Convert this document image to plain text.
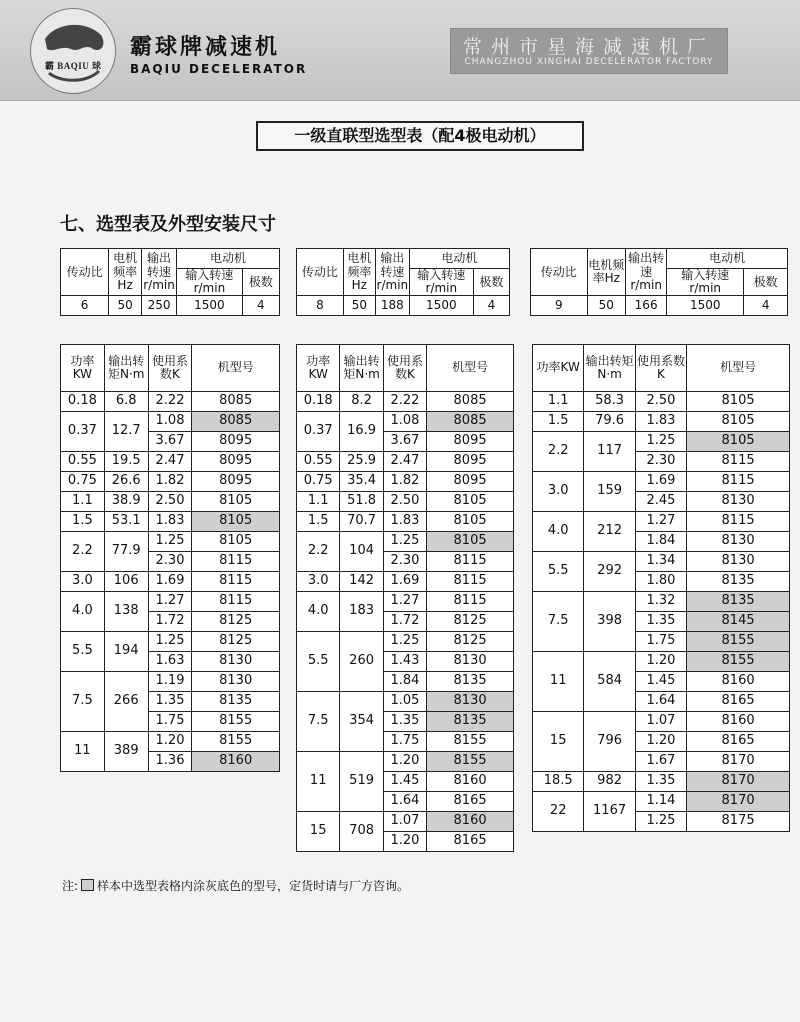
霸 BAQIU 球
霸球牌减速机
BAQIU DECELERATOR
常州市星海减速机厂
CHANGZHOU XINGHAI DECELERATOR FACTORY
一级直联型选型表（配4极电动机）
七、选型表及外型安装尺寸
传动比	电机频率Hz	输出转速r/min	电动机	
			输入转速r/min	极数
6	50	250	1500	4
传动比	电机频率Hz	输出转速r/min	电动机	
			输入转速r/min	极数
8	50	188	1500	4
传动比	电机频率Hz	输出转速r/min	电动机	
			输入转速r/min	极数
9	50	166	1500	4
功率KW	输出转矩N·m	使用系数K	机型号
0.18	6.8	2.22	8085
0.37	12.7	1.08	8085
		3.67	8095
0.55	19.5	2.47	8095
0.75	26.6	1.82	8095
1.1	38.9	2.50	8105
1.5	53.1	1.83	8105
2.2	77.9	1.25	8105
		2.30	8115
3.0	106	1.69	8115
4.0	138	1.27	8115
		1.72	8125
5.5	194	1.25	8125
		1.63	8130
7.5	266	1.19	8130
		1.35	8135
		1.75	8155
11	389	1.20	8155
		1.36	8160
功率KW	输出转矩N·m	使用系数K	机型号
0.18	8.2	2.22	8085
0.37	16.9	1.08	8085
		3.67	8095
0.55	25.9	2.47	8095
0.75	35.4	1.82	8095
1.1	51.8	2.50	8105
1.5	70.7	1.83	8105
2.2	104	1.25	8105
		2.30	8115
3.0	142	1.69	8115
4.0	183	1.27	8115
		1.72	8125
5.5	260	1.25	8125
		1.43	8130
		1.84	8135
7.5	354	1.05	8130
		1.35	8135
		1.75	8155
11	519	1.20	8155
		1.45	8160
		1.64	8165
15	708	1.07	8160
		1.20	8165
功率KW	输出转矩N·m	使用系数K	机型号
1.1	58.3	2.50	8105
1.5	79.6	1.83	8105
2.2	117	1.25	8105
		2.30	8115
3.0	159	1.69	8115
		2.45	8130
4.0	212	1.27	8115
		1.84	8130
5.5	292	1.34	8130
		1.80	8135
7.5	398	1.32	8135
		1.35	8145
		1.75	8155
11	584	1.20	8155
		1.45	8160
		1.64	8165
15	796	1.07	8160
		1.20	8165
		1.67	8170
18.5	982	1.35	8170
22	1167	1.14	8170
		1.25	8175
注: 样本中选型表格内涂灰底色的型号，定货时请与厂方咨询。
